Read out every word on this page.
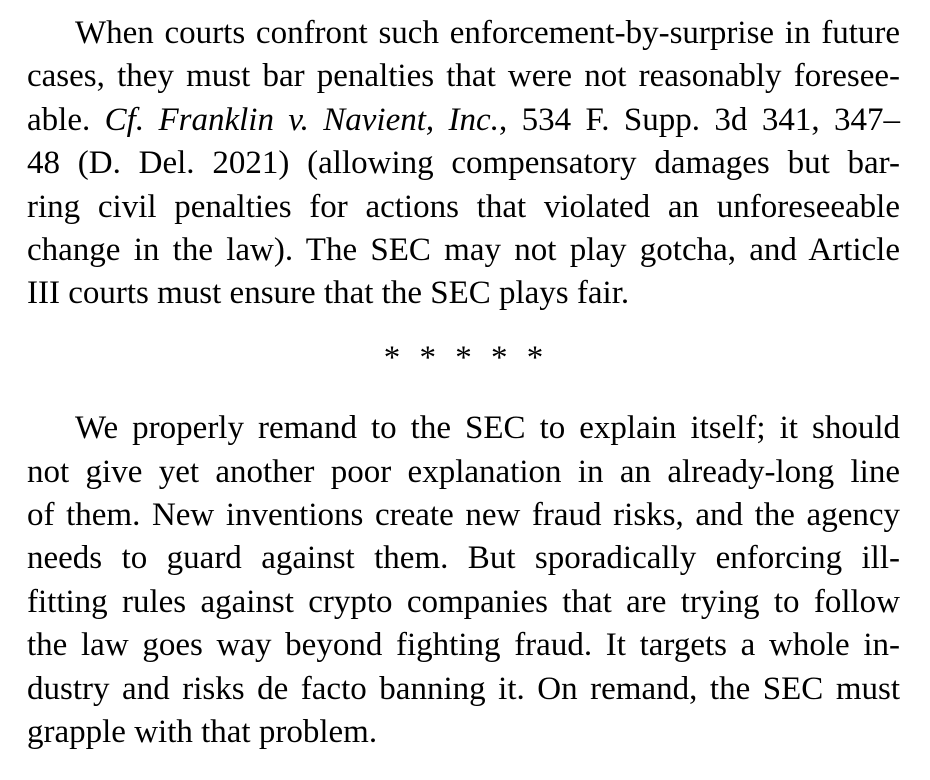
When courts confront such enforcement-by-surprise in future
cases, they must bar penalties that were not reasonably foresee-
able. Cf. Franklin v. Navient, Inc., 534 F. Supp. 3d 341, 347–
48 (D. Del. 2021) (allowing compensatory damages but bar-
ring civil penalties for actions that violated an unforeseeable
change in the law). The SEC may not play gotcha, and Article
III courts must ensure that the SEC plays fair.
* * * * *
We properly remand to the SEC to explain itself; it should
not give yet another poor explanation in an already-long line
of them. New inventions create new fraud risks, and the agency
needs to guard against them. But sporadically enforcing ill-
fitting rules against crypto companies that are trying to follow
the law goes way beyond fighting fraud. It targets a whole in-
dustry and risks de facto banning it. On remand, the SEC must
grapple with that problem.
